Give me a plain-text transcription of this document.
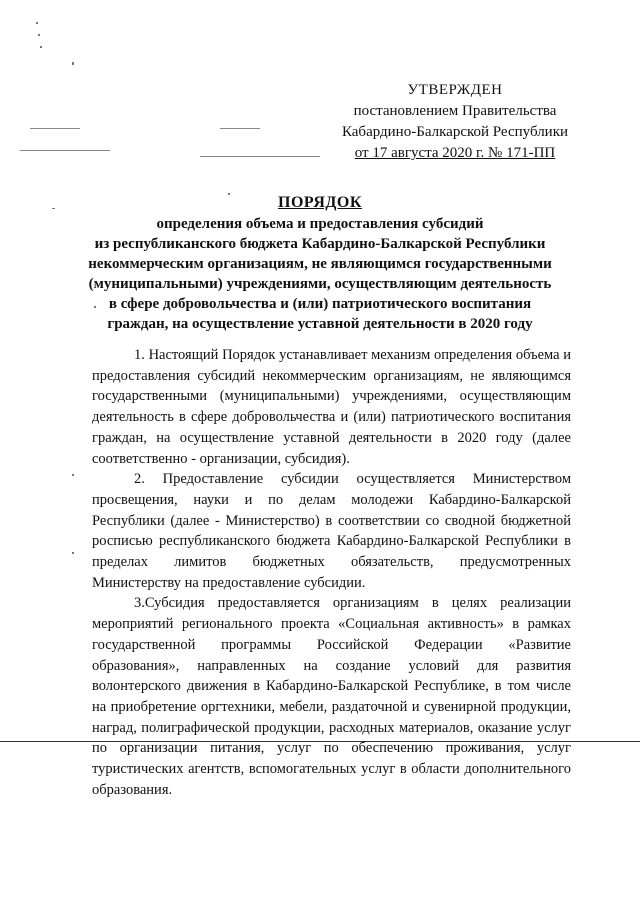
УТВЕРЖДЕН
постановлением Правительства
Кабардино-Балкарской Республики
от 17 августа 2020 г. № 171-ПП
ПОРЯДОК
определения объема и предоставления субсидий
из республиканского бюджета Кабардино-Балкарской Республики
некоммерческим организациям, не являющимся государственными
(муниципальными) учреждениями, осуществляющим деятельность
в сфере добровольчества и (или) патриотического воспитания
граждан, на осуществление уставной деятельности в 2020 году

1. Настоящий Порядок устанавливает механизм определения объема и предоставления субсидий некоммерческим организациям, не являющимся государственными (муниципальными) учреждениями, осуществляющим деятельность в сфере добровольчества и (или) патриотического воспитания граждан, на осуществление уставной деятельности в 2020 году (далее соответственно - организации, субсидия).

2. Предоставление субсидии осуществляется Министерством просвещения, науки и по делам молодежи Кабардино-Балкарской Республики (далее - Министерство) в соответствии со сводной бюджетной росписью республиканского бюджета Кабардино-Балкарской Республики в пределах лимитов бюджетных обязательств, предусмотренных Министерству на предоставление субсидии.

3.Субсидия предоставляется организациям в целях реализации мероприятий регионального проекта «Социальная активность» в рамках государственной программы Российской Федерации «Развитие образования», направленных на создание условий для развития волонтерского движения в Кабардино-Балкарской Республике, в том числе на приобретение оргтехники, мебели, раздаточной и сувенирной продукции, наград, полиграфической продукции, расходных материалов, оказание услуг по организации питания, услуг по обеспечению проживания, услуг туристических агентств, вспомогательных услуг в области дополнительного образования.
